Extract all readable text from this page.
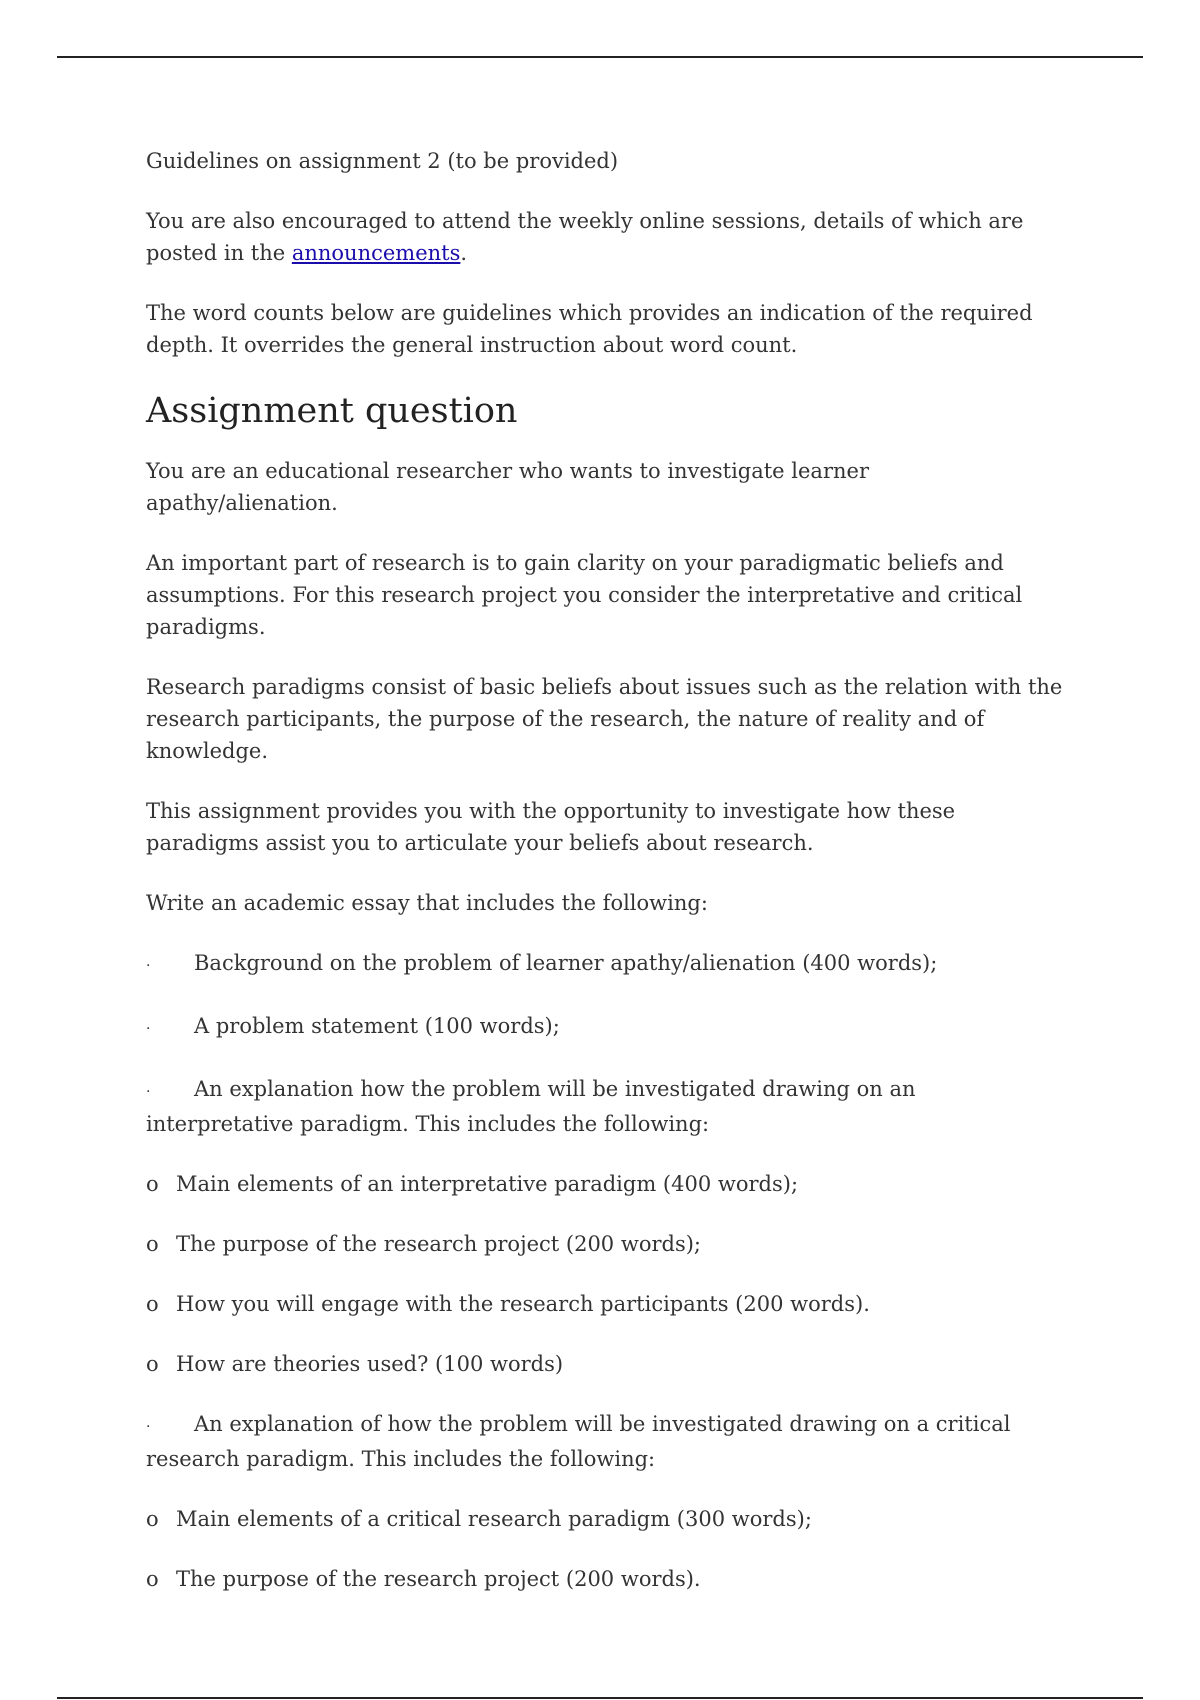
Guidelines on assignment 2 (to be provided)

You are also encouraged to attend the weekly online sessions, details of which are posted in the announcements.

The word counts below are guidelines which provides an indication of the required depth. It overrides the general instruction about word count.

Assignment question

You are an educational researcher who wants to investigate learner apathy/alienation.

An important part of research is to gain clarity on your paradigmatic beliefs and assumptions. For this research project you consider the interpretative and critical paradigms.

Research paradigms consist of basic beliefs about issues such as the relation with the research participants, the purpose of the research, the nature of reality and of knowledge.

This assignment provides you with the opportunity to investigate how these paradigms assist you to articulate your beliefs about research.

Write an academic essay that includes the following:

· Background on the problem of learner apathy/alienation (400 words);

· A problem statement (100 words);

· An explanation how the problem will be investigated drawing on an interpretative paradigm. This includes the following:

o Main elements of an interpretative paradigm (400 words);

o The purpose of the research project (200 words);

o How you will engage with the research participants (200 words).

o How are theories used? (100 words)

· An explanation of how the problem will be investigated drawing on a critical research paradigm. This includes the following:

o Main elements of a critical research paradigm (300 words);

o The purpose of the research project (200 words).
